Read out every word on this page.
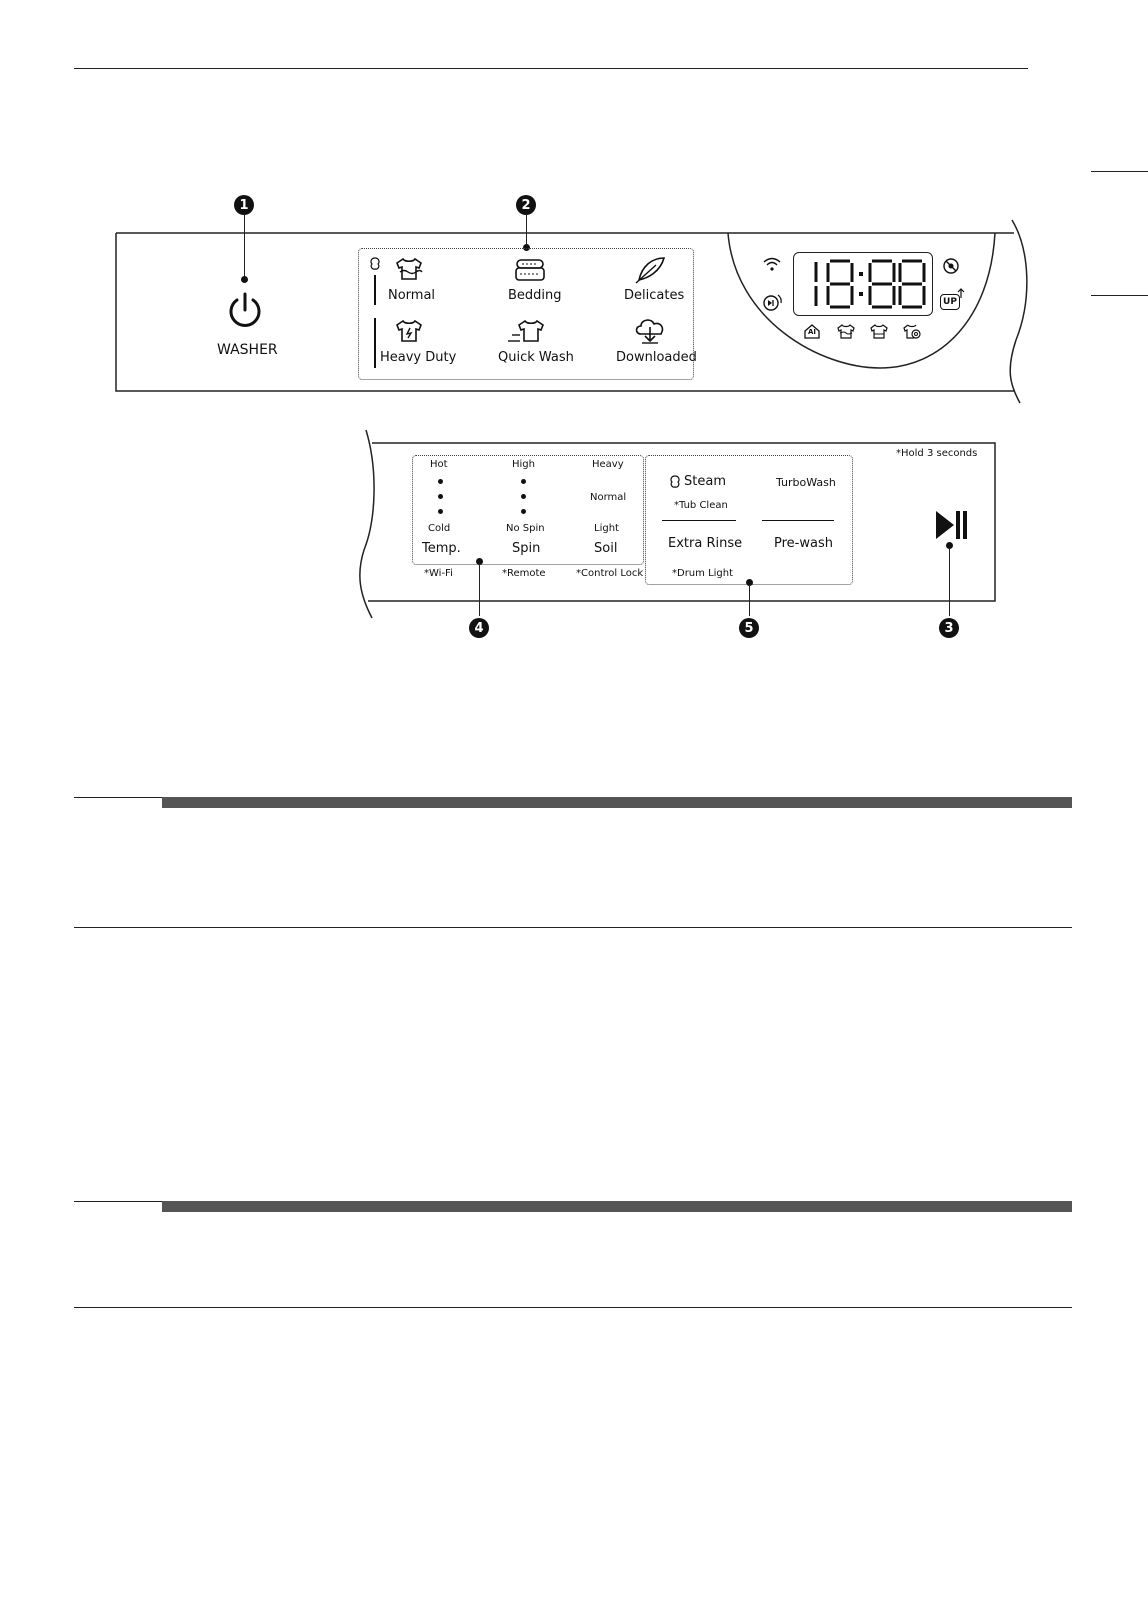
1
WASHER
2
Normal	Bedding	Delicates
Heavy Duty	Quick Wash	Downloaded
UP
AI
*Hold 3 seconds
Hot
Cold
Temp.
High
No Spin
Spin
Heavy
Normal
Light
Soil
4
Steam
*Tub Clean
TurboWash
Extra Rinse Pre-wash
*Wi-Fi	*Remote	*Control Lock	*Drum Light
5	3
